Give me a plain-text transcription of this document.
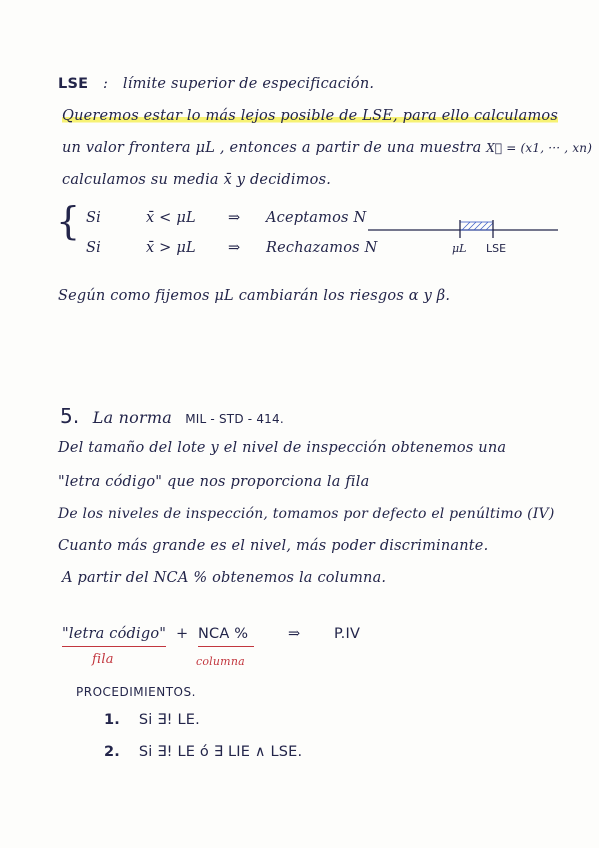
LSE : límite superior de especificación.
Queremos estar lo más lejos posible de LSE, para ello calculamos
un valor frontera μL , entonces a partir de una muestra X⃗ = (x1, ··· , xn)
calculamos su media x̄ y decidimos.
{ Si	x̄ < μL ⇒ Aceptamos N
Si	x̄ > μL ⇒ Rechazamos N	μL LSE
Según como fijemos μL cambiarán los riesgos α y β.
5. La norma MIL - STD - 414.
Del tamaño del lote y el nivel de inspección obtenemos una
"letra código" que nos proporciona la fila
De los niveles de inspección, tomamos por defecto el penúltimo (IV)
Cuanto más grande es el nivel, más poder discriminante.
A partir del NCA % obtenemos la columna.
"letra código" + NCA %	⇒ P.IV
fila	columna
PROCEDIMIENTOS.
1. Si ∃! LE.
2. Si ∃! LE ó ∃ LIE ∧ LSE.
